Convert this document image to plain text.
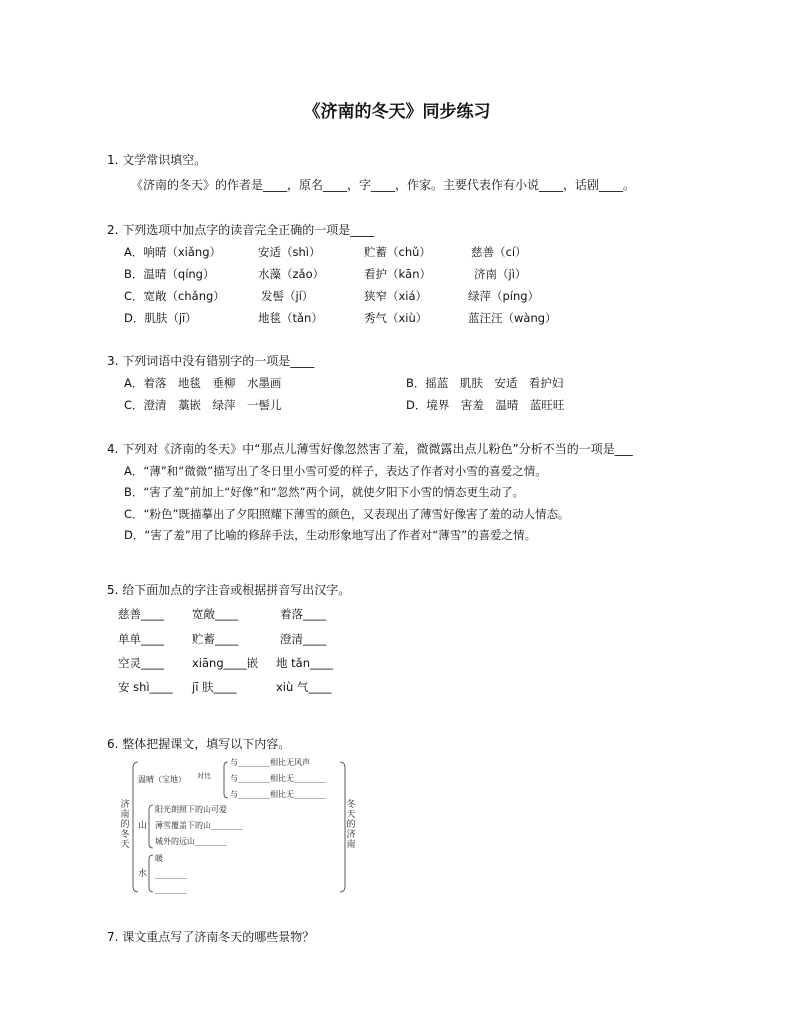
《济南的冬天》同步练习
1. 文学常识填空。
《济南的冬天》的作者是____，原名____，字____，作家。主要代表作有小说____，话剧____。
2. 下列选项中加点字的读音完全正确的一项是____
A．响晴（xiǎng）	安适（shì）	贮蓄（chǔ）	慈善（cí）
B．温晴（qíng）	水藻（zǎo）	看护（kān）	济南（jì）
C．宽敞（chǎng）	发髻（jí）	狭窄（xiá）	绿萍（píng）
D．肌肤（jī）	地毯（tǎn）	秀气（xiù）	蓝汪汪（wàng）
3. 下列词语中没有错别字的一项是____
A．着落　地毯　垂柳　水墨画	B．摇蓝　肌肤　安适　看护妇
C．澄清　藁嵌　绿萍　一髻儿	D．境界　害羞　温晴　蓝旺旺
4. 下列对《济南的冬天》中“那点儿薄雪好像忽然害了羞，微微露出点儿粉色”分析不当的一项是___
A．“薄”和“微微”描写出了冬日里小雪可爱的样子，表达了作者对小雪的喜爱之情。
B．“害了羞”前加上“好像”和“忽然”两个词，就使夕阳下小雪的情态更生动了。
C．“粉色”既描摹出了夕阳照耀下薄雪的颜色，又表现出了薄雪好像害了羞的动人情态。
D．“害了羞”用了比喻的修辞手法，生动形象地写出了作者对“薄雪”的喜爱之情。
5. 给下面加点的字注音或根据拼音写出汉字。
慈善____ 宽敞____	着落____
单单____ 贮蓄____	澄清____
空灵____ xiāng____嵌 地 tǎn____
安 shì____ jī 肤____	xiù 气____
6. 整体把握课文，填写以下内容。
济南的冬天
冬天的济南
温晴（宝地） 对比
与________相比无风声
与________相比无________
与________相比无________
山
阳光朗照下的山可爱
薄雪覆盖下的山________
城外的远山________
水
暖
________
________
7. 课文重点写了济南冬天的哪些景物？
